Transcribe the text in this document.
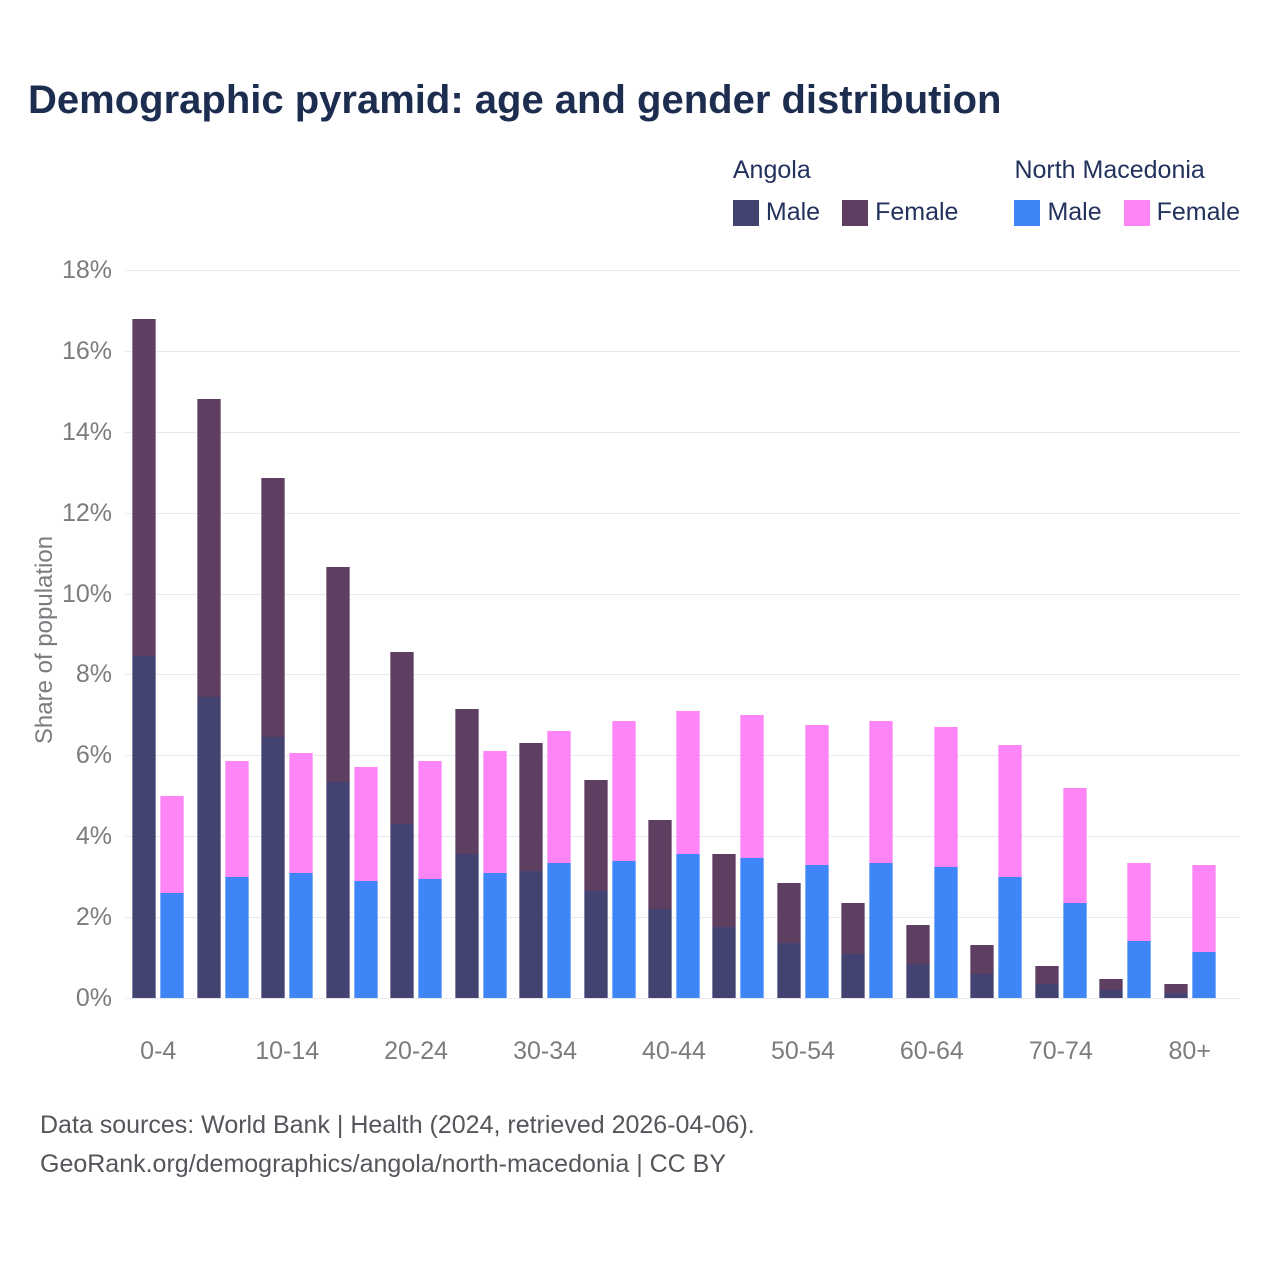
Demographic pyramid: age and gender distribution
Angola
Male Female
North Macedonia
Male Female
Share of population
0%
2%
4%
6%
8%
10%
12%
14%
16%
18%
0-4	10-14	20-24	30-34	40-44	50-54	60-64	70-74	80+
Data sources: World Bank | Health (2024, retrieved 2026-04-06).
GeoRank.org/demographics/angola/north-macedonia | CC BY
